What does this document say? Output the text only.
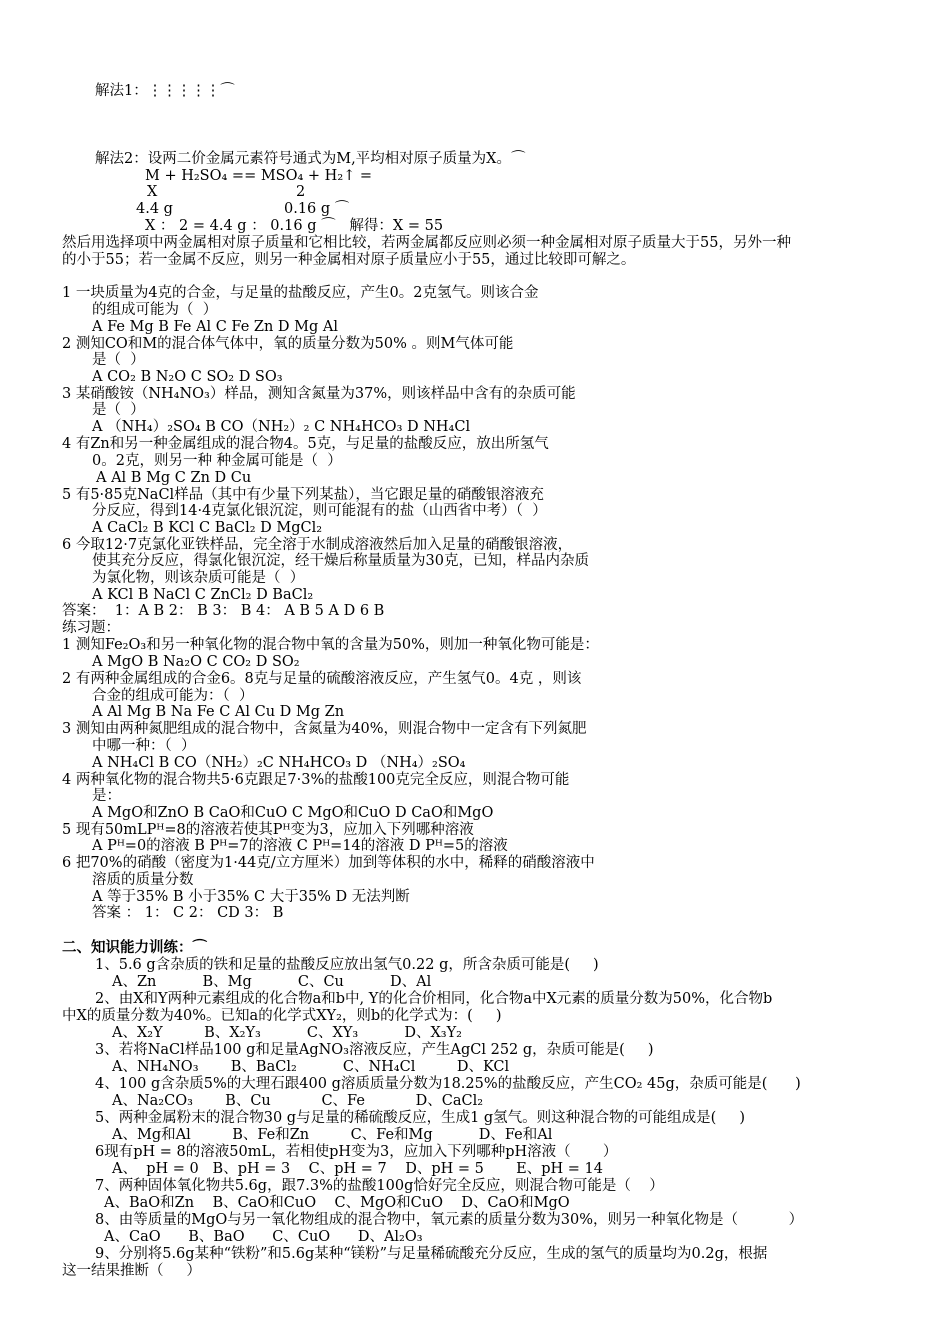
解法1：⋮⋮⋮⋮⋮⌒
解法2：设两二价金属元素符号通式为M,平均相对原子质量为X。⌒
M + H₂SO₄ == MSO₄ + H₂↑ =
X	2
4.4 g	0.16 g ⌒
X ： 2 = 4.4 g ： 0.16 g ⌒   解得：X = 55
然后用选择项中两金属相对原子质量和它相比较，若两金属都反应则必须一种金属相对原子质量大于55，另外一种
的小于55；若一金属不反应，则另一种金属相对原子质量应小于55，通过比较即可解之。
1 一块质量为4克的合金，与足量的盐酸反应，产生0。2克氢气。则该合金
的组成可能为（  ）
A Fe Mg B Fe Al C Fe Zn D Mg Al
2 测知CO和M的混合体气体中，氧的质量分数为50% 。则M气体可能
是（  ）
A CO₂ B N₂O C SO₂ D SO₃
3 某硝酸铵（NH₄NO₃）样品，测知含氮量为37%，则该样品中含有的杂质可能
是（  ）
A （NH₄）₂SO₄ B CO（NH₂）₂ C NH₄HCO₃ D NH₄Cl
4 有Zn和另一种金属组成的混合物4。5克，与足量的盐酸反应，放出所氢气
0。2克，则另一种 种金属可能是（  ）
A Al B Mg C Zn D Cu
5 有5·85克NaCl样品（其中有少量下列某盐），当它跟足量的硝酸银溶液充
分反应，得到14·4克氯化银沉淀，则可能混有的盐（山西省中考）（  ）
A CaCl₂ B KCl C BaCl₂ D MgCl₂
6 今取12·7克氯化亚铁样品，完全溶于水制成溶液然后加入足量的硝酸银溶液，
使其充分反应，得氯化银沉淀，经干燥后称量质量为30克，已知，样品内杂质
为氯化物，则该杂质可能是（  ）
A KCl B NaCl C ZnCl₂ D BaCl₂
答案：  1：A B 2： B 3： B 4： A B 5 A D 6 B
练习题：
1 测知Fe₂O₃和另一种氧化物的混合物中氧的含量为50%，则加一种氧化物可能是：
A MgO B Na₂O C CO₂ D SO₂
2 有两种金属组成的合金6。8克与足量的硫酸溶液反应，产生氢气0。4克 ，则该
合金的组成可能为：（  ）
A Al Mg B Na Fe C Al Cu D Mg Zn
3 测知由两种氮肥组成的混合物中，含氮量为40%，则混合物中一定含有下列氮肥
中哪一种：（  ）
A NH₄Cl B CO（NH₂）₂C NH₄HCO₃ D （NH₄）₂SO₄
4 两种氧化物的混合物共5·6克跟足7·3%的盐酸100克完全反应，则混合物可能
是：
A MgO和ZnO B CaO和CuO C MgO和CuO D CaO和MgO
5 现有50mLPᴴ=8的溶液若使其Pᴴ变为3，应加入下列哪种溶液
A Pᴴ=0的溶液 B Pᴴ=7的溶液 C Pᴴ=14的溶液 D Pᴴ=5的溶液
6 把70%的硝酸（密度为1·44克/立方厘米）加到等体积的水中，稀释的硝酸溶液中
溶质的质量分数
A 等于35% B 小于35% C 大于35% D 无法判断
答案 ： 1： C 2： CD 3： B
二、知识能力训练：⌒
1、5.6 g含杂质的铁和足量的盐酸反应放出氢气0.22 g，所含杂质可能是(     )
A、Zn          B、Mg          C、Cu          D、Al
2、由X和Y两种元素组成的化合物a和b中, Y的化合价相同，化合物a中X元素的质量分数为50%，化合物b
中X的质量分数为40%。已知a的化学式XY₂，则b的化学式为：(     )
A、X₂Y         B、X₂Y₃          C、XY₃          D、X₃Y₂
3、若将NaCl样品100 g和足量AgNO₃溶液反应，产生AgCl 252 g，杂质可能是(     )
A、NH₄NO₃       B、BaCl₂          C、NH₄Cl         D、KCl
4、100 g含杂质5%的大理石跟400 g溶质质量分数为18.25%的盐酸反应，产生CO₂ 45g，杂质可能是(      )
A、Na₂CO₃       B、Cu           C、Fe           D、CaCl₂
5、两种金属粉末的混合物30 g与足量的稀硫酸反应，生成1 g氢气。则这种混合物的可能组成是(     )
A、Mg和Al         B、Fe和Zn         C、Fe和Mg          D、Fe和Al
6现有pH = 8的溶液50mL，若相使pH变为3，应加入下列哪种pH溶液（       ）
A、  pH = 0   B、pH = 3    C、pH = 7    D、pH = 5       E、pH = 14
7、两种固体氧化物共5.6g，跟7.3%的盐酸100g恰好完全反应，则混合物可能是（    ）
A、BaO和Zn    B、CaO和CuO    C、MgO和CuO    D、CaO和MgO
8、由等质量的MgO与另一氧化物组成的混合物中，氧元素的质量分数为30%，则另一种氧化物是（           ）
A、CaO      B、BaO      C、CuO      D、Al₂O₃
9、分别将5.6g某种“铁粉”和5.6g某种“镁粉”与足量稀硫酸充分反应，生成的氢气的质量均为0.2g，根据
这一结果推断（     ）
